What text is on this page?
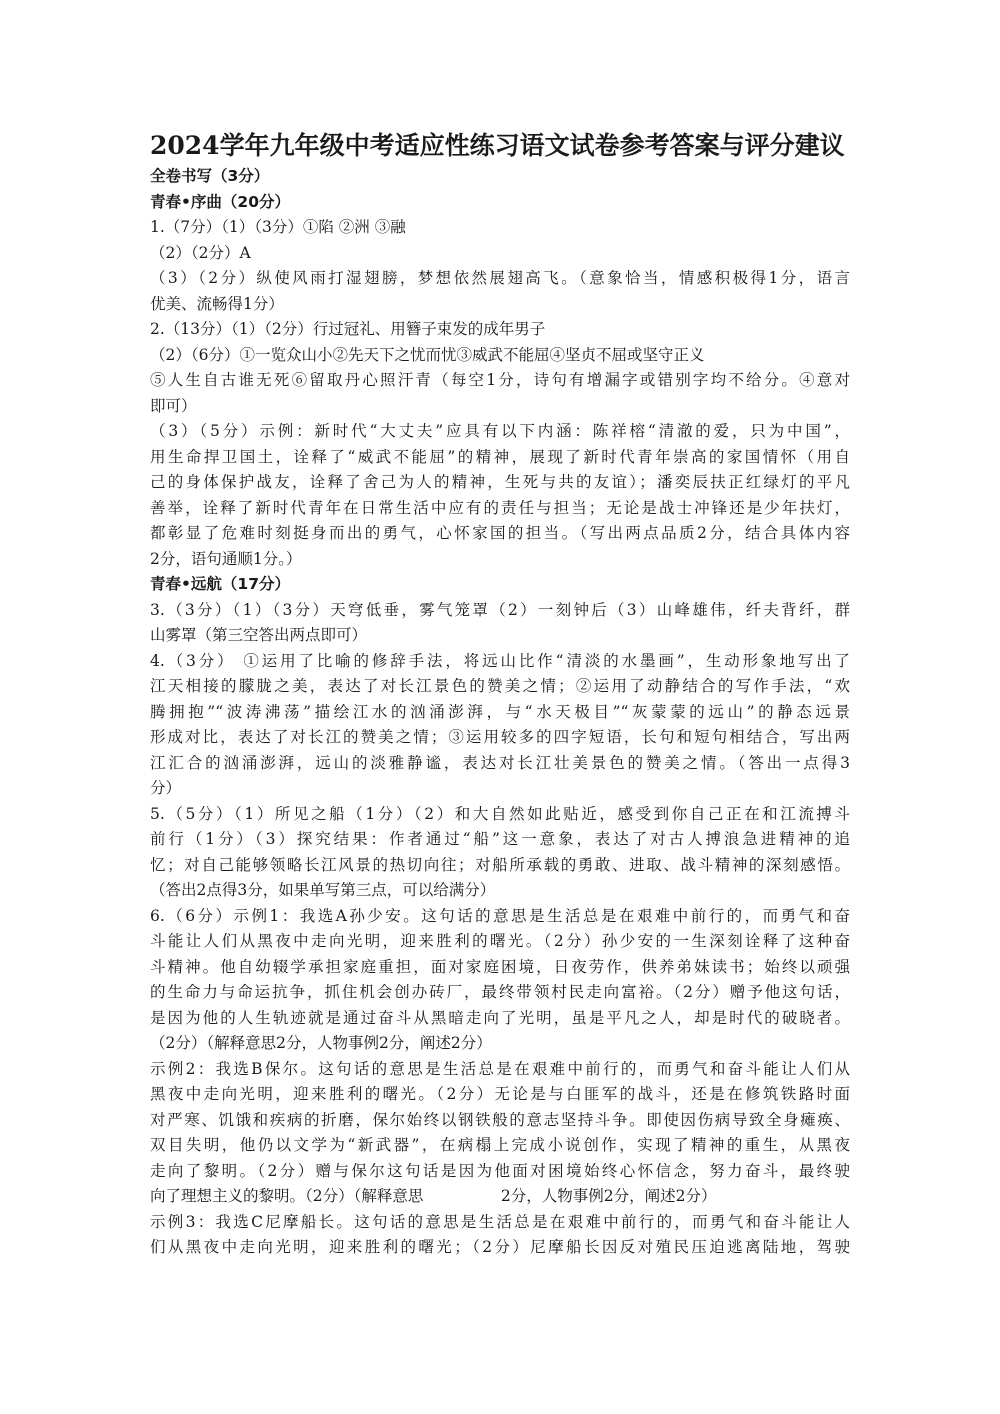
2024学年九年级中考适应性练习语文试卷参考答案与评分建议
全卷书写（3分）
青春•序曲（20分）
1.（7分）（1）（3分）①陷 ②洲 ③融
（2）（2分）A
（3）（2分）纵使风雨打湿翅膀，梦想依然展翅高飞。（意象恰当，情感积极得1分，语言
优美、流畅得1分）
2.（13分）（1）（2分）行过冠礼、用簪子束发的成年男子
（2）（6分）①一览众山小②先天下之忧而忧③威武不能屈④坚贞不屈或坚守正义
⑤人生自古谁无死⑥留取丹心照汗青（每空1分，诗句有增漏字或错别字均不给分。④意对
即可）
（3）（5分）示例：新时代“大丈夫”应具有以下内涵：陈祥榕“清澈的爱，只为中国”，
用生命捍卫国土，诠释了“威武不能屈”的精神，展现了新时代青年崇高的家国情怀（用自
己的身体保护战友，诠释了舍己为人的精神，生死与共的友谊）；潘奕辰扶正红绿灯的平凡
善举，诠释了新时代青年在日常生活中应有的责任与担当；无论是战士冲锋还是少年扶灯，
都彰显了危难时刻挺身而出的勇气，心怀家国的担当。（写出两点品质2分，结合具体内容
2分，语句通顺1分。）
青春•远航（17分）
3.（3分）（1）（3分）天穹低垂，雾气笼罩（2）一刻钟后（3）山峰雄伟，纤夫背纤，群
山雾罩（第三空答出两点即可）
4.（3分） ①运用了比喻的修辞手法，将远山比作“清淡的水墨画”，生动形象地写出了
江天相接的朦胧之美，表达了对长江景色的赞美之情；②运用了动静结合的写作手法，“欢
腾拥抱”“波涛沸荡”描绘江水的汹涌澎湃，与“水天极目”“灰蒙蒙的远山”的静态远景
形成对比，表达了对长江的赞美之情；③运用较多的四字短语，长句和短句相结合，写出两
江汇合的汹涌澎湃，远山的淡雅静谧，表达对长江壮美景色的赞美之情。（答出一点得3
分）
5.（5分）（1）所见之船（1分）（2）和大自然如此贴近，感受到你自己正在和江流搏斗
前行（1分）（3）探究结果：作者通过“船”这一意象，表达了对古人搏浪急进精神的追
忆；对自己能够领略长江风景的热切向往；对船所承载的勇敢、进取、战斗精神的深刻感悟。
（答出2点得3分，如果单写第三点，可以给满分）
6.（6分）示例1：我选A孙少安。这句话的意思是生活总是在艰难中前行的，而勇气和奋
斗能让人们从黑夜中走向光明，迎来胜利的曙光。（2分）孙少安的一生深刻诠释了这种奋
斗精神。他自幼辍学承担家庭重担，面对家庭困境，日夜劳作，供养弟妹读书；始终以顽强
的生命力与命运抗争，抓住机会创办砖厂，最终带领村民走向富裕。（2分）赠予他这句话，
是因为他的人生轨迹就是通过奋斗从黑暗走向了光明，虽是平凡之人，却是时代的破晓者。
（2分）（解释意思2分，人物事例2分，阐述2分）
示例2：我选B保尔。这句话的意思是生活总是在艰难中前行的，而勇气和奋斗能让人们从
黑夜中走向光明，迎来胜利的曙光。（2分）无论是与白匪军的战斗，还是在修筑铁路时面
对严寒、饥饿和疾病的折磨，保尔始终以钢铁般的意志坚持斗争。即使因伤病导致全身瘫痪、
双目失明，他仍以文学为“新武器”，在病榻上完成小说创作，实现了精神的重生，从黑夜
走向了黎明。（2分）赠与保尔这句话是因为他面对困境始终心怀信念，努力奋斗，最终驶
向了理想主义的黎明。（2分）（解释意思　　　　　2分，人物事例2分，阐述2分）
示例3：我选C尼摩船长。这句话的意思是生活总是在艰难中前行的，而勇气和奋斗能让人
们从黑夜中走向光明，迎来胜利的曙光；（2分）尼摩船长因反对殖民压迫逃离陆地，驾驶
